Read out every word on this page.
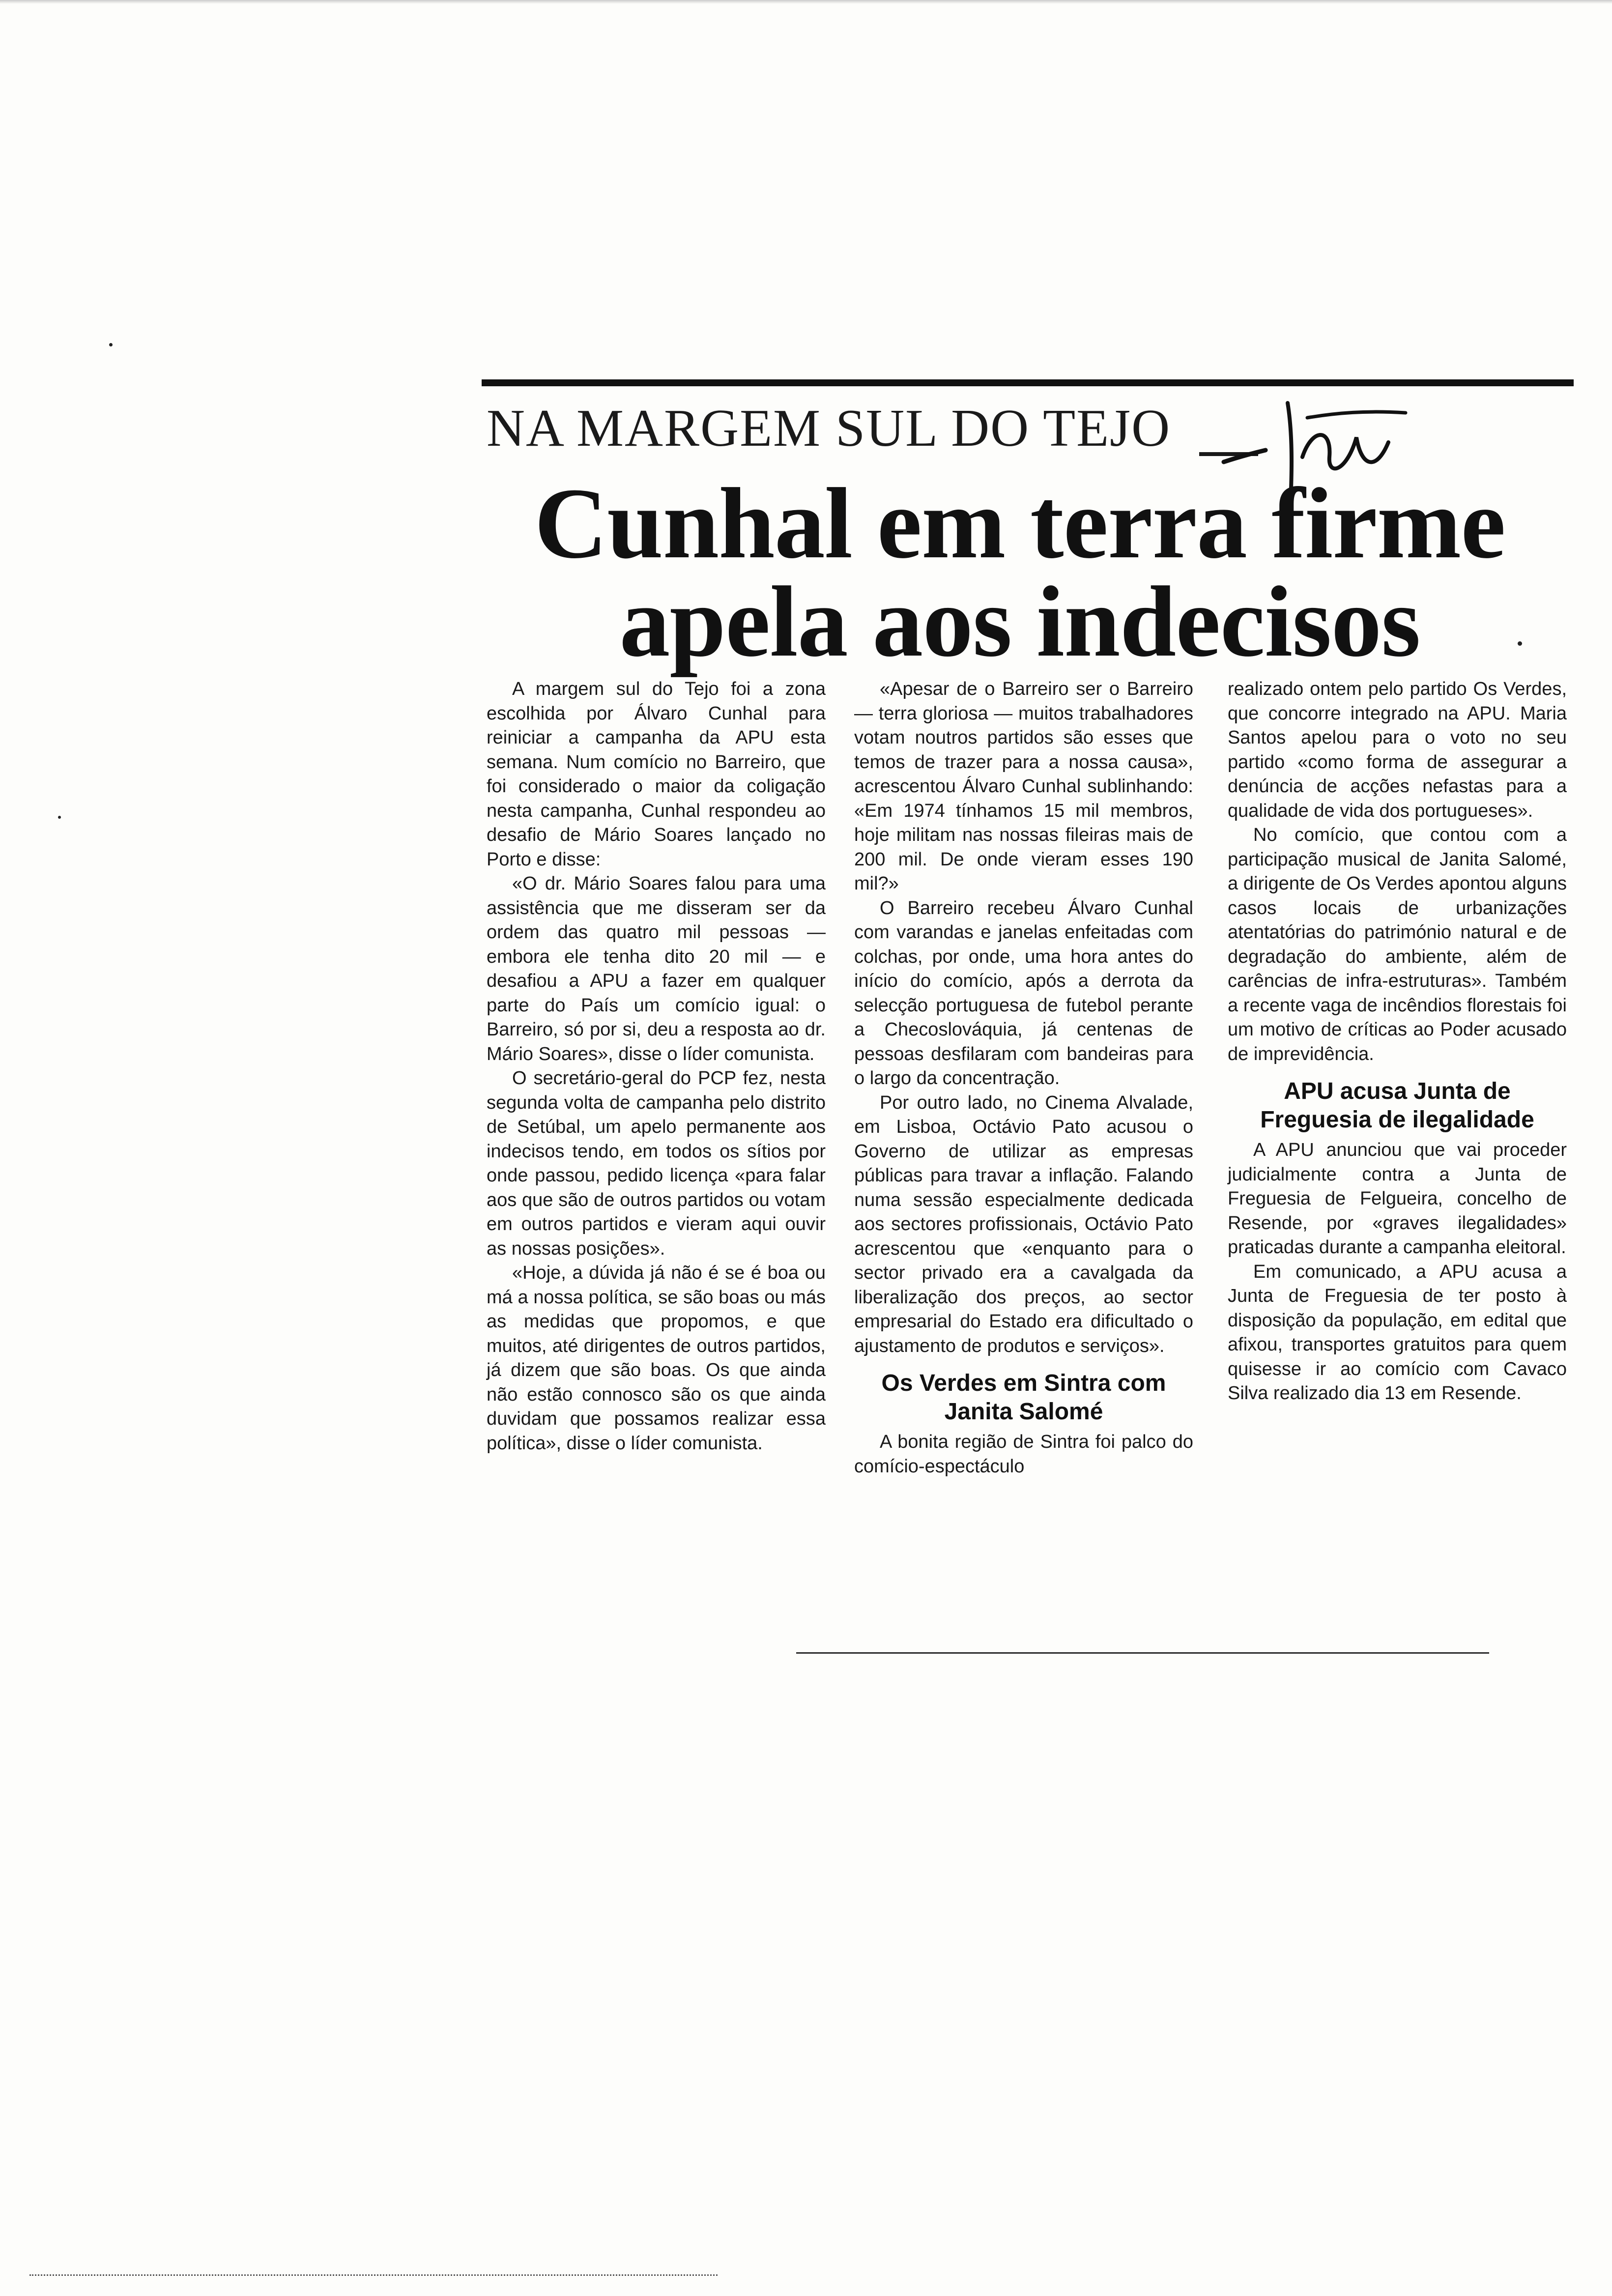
NA MARGEM SUL DO TEJO
Cunhal em terra firme
apela aos indecisos

A margem sul do Tejo foi a zona escolhida por Álvaro Cunhal para reiniciar a campanha da APU esta semana. Num comício no Barreiro, que foi considerado o maior da coligação nesta campanha, Cunhal respondeu ao desafio de Mário Soares lançado no Porto e disse:

«O dr. Mário Soares falou para uma assistência que me disseram ser da ordem das quatro mil pessoas — embora ele tenha dito 20 mil — e desafiou a APU a fazer em qualquer parte do País um comício igual: o Barreiro, só por si, deu a resposta ao dr. Mário Soares», disse o líder comunista.

O secretário-geral do PCP fez, nesta segunda volta de campanha pelo distrito de Setúbal, um apelo permanente aos indecisos tendo, em todos os sítios por onde passou, pedido licença «para falar aos que são de outros partidos ou votam em outros partidos e vieram aqui ouvir as nossas posições».

«Hoje, a dúvida já não é se é boa ou má a nossa política, se são boas ou más as medidas que propomos, e que muitos, até dirigentes de outros partidos, já dizem que são boas. Os que ainda não estão connosco são os que ainda duvidam que possamos realizar essa política», disse o líder comunista.

«Apesar de o Barreiro ser o Barreiro — terra gloriosa — muitos trabalhadores votam noutros partidos são esses que temos de trazer para a nossa causa», acrescentou Álvaro Cunhal sublinhando: «Em 1974 tínhamos 15 mil membros, hoje militam nas nossas fileiras mais de 200 mil. De onde vieram esses 190 mil?»

O Barreiro recebeu Álvaro Cunhal com varandas e janelas enfeitadas com colchas, por onde, uma hora antes do início do comício, após a derrota da selecção portuguesa de futebol perante a Checoslováquia, já centenas de pessoas desfilaram com bandeiras para o largo da concentração.

Por outro lado, no Cinema Alvalade, em Lisboa, Octávio Pato acusou o Governo de utilizar as empresas públicas para travar a inflação. Falando numa sessão especialmente dedicada aos sectores profissionais, Octávio Pato acrescentou que «enquanto para o sector privado era a cavalgada da liberalização dos preços, ao sector empresarial do Estado era dificultado o ajustamento de produtos e serviços».

Os Verdes em Sintra com Janita Salomé

A bonita região de Sintra foi palco do comício-espectáculo

realizado ontem pelo partido Os Verdes, que concorre integrado na APU. Maria Santos apelou para o voto no seu partido «como forma de assegurar a denúncia de acções nefastas para a qualidade de vida dos portugueses».

No comício, que contou com a participação musical de Janita Salomé, a dirigente de Os Verdes apontou alguns casos locais de urbanizações atentatórias do património natural e de degradação do ambiente, além de carências de infra-estruturas». Também a recente vaga de incêndios florestais foi um motivo de críticas ao Poder acusado de imprevidência.

APU acusa Junta de Freguesia de ilegalidade

A APU anunciou que vai proceder judicialmente contra a Junta de Freguesia de Felgueira, concelho de Resende, por «graves ilegalidades» praticadas durante a campanha eleitoral.

Em comunicado, a APU acusa a Junta de Freguesia de ter posto à disposição da população, em edital que afixou, transportes gratuitos para quem quisesse ir ao comício com Cavaco Silva realizado dia 13 em Resende.
